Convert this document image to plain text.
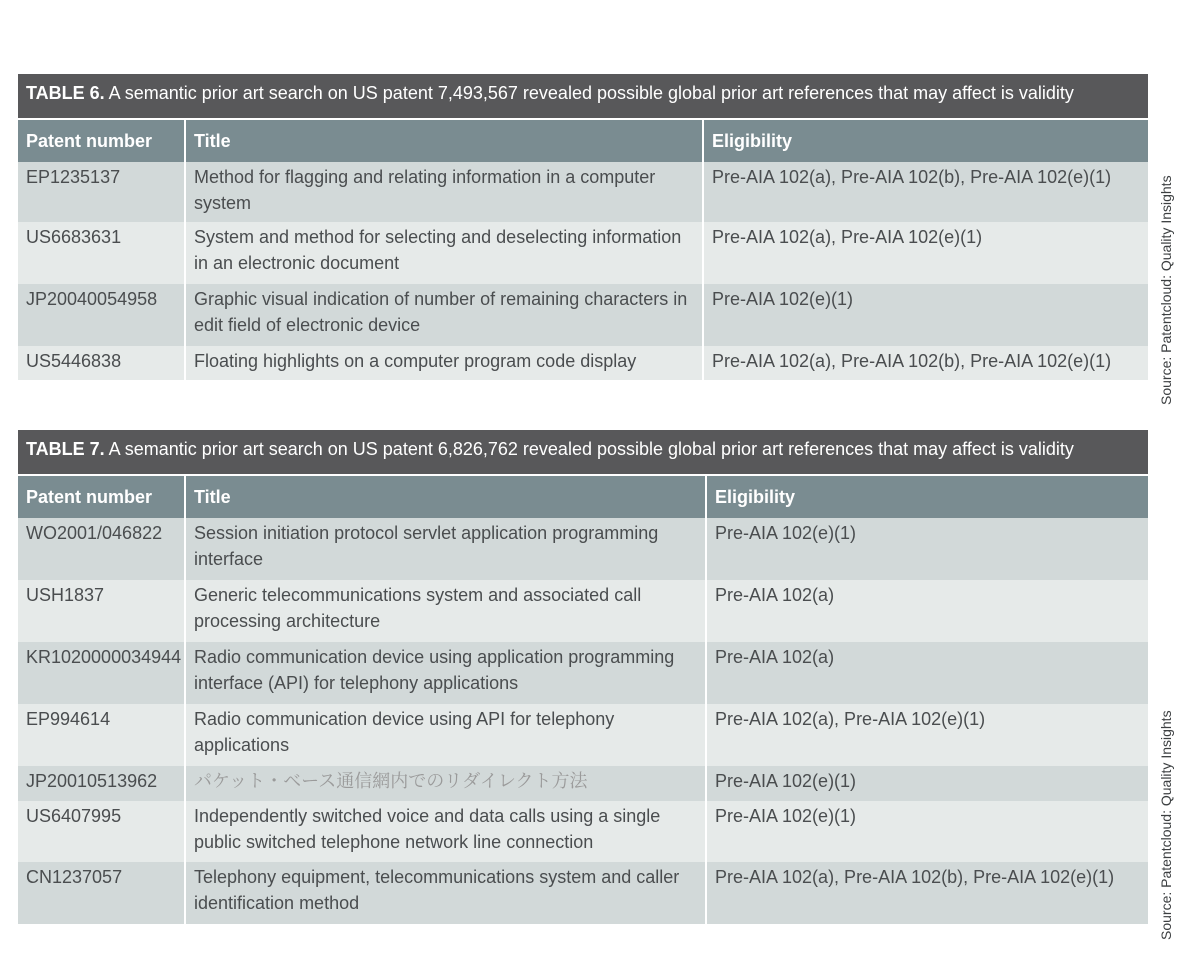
TABLE 6. A semantic prior art search on US patent 7,493,567 revealed possible global prior art references that may affect is validity
Patent number	Title	Eligibility
EP1235137	Method for flagging and relating information in a computer system	Pre-AIA 102(a), Pre-AIA 102(b), Pre-AIA 102(e)(1)
US6683631	System and method for selecting and deselecting information in an electronic document	Pre-AIA 102(a), Pre-AIA 102(e)(1)
JP20040054958	Graphic visual indication of number of remaining characters in edit field of electronic device	Pre-AIA 102(e)(1)
US5446838	Floating highlights on a computer program code display	Pre-AIA 102(a), Pre-AIA 102(b), Pre-AIA 102(e)(1)	Source: Patentcloud: Quality Insights
TABLE 7. A semantic prior art search on US patent 6,826,762 revealed possible global prior art references that may affect is validity
Patent number	Title	Eligibility
WO2001/046822	Session initiation protocol servlet application programming interface	Pre-AIA 102(e)(1)
USH1837	Generic telecommunications system and associated call processing architecture	Pre-AIA 102(a)
KR1020000034944	Radio communication device using application programming interface (API) for telephony applications	Pre-AIA 102(a)
EP994614	Radio communication device using API for telephony applications	Pre-AIA 102(a), Pre-AIA 102(e)(1)
JP20010513962	パケット・ベース通信網内でのリダイレクト方法	Pre-AIA 102(e)(1)
US6407995	Independently switched voice and data calls using a single public switched telephone network line connection	Pre-AIA 102(e)(1)
CN1237057	Telephony equipment, telecommunications system and caller identification method	Pre-AIA 102(a), Pre-AIA 102(b), Pre-AIA 102(e)(1)	Source: Patentcloud: Quality Insights
